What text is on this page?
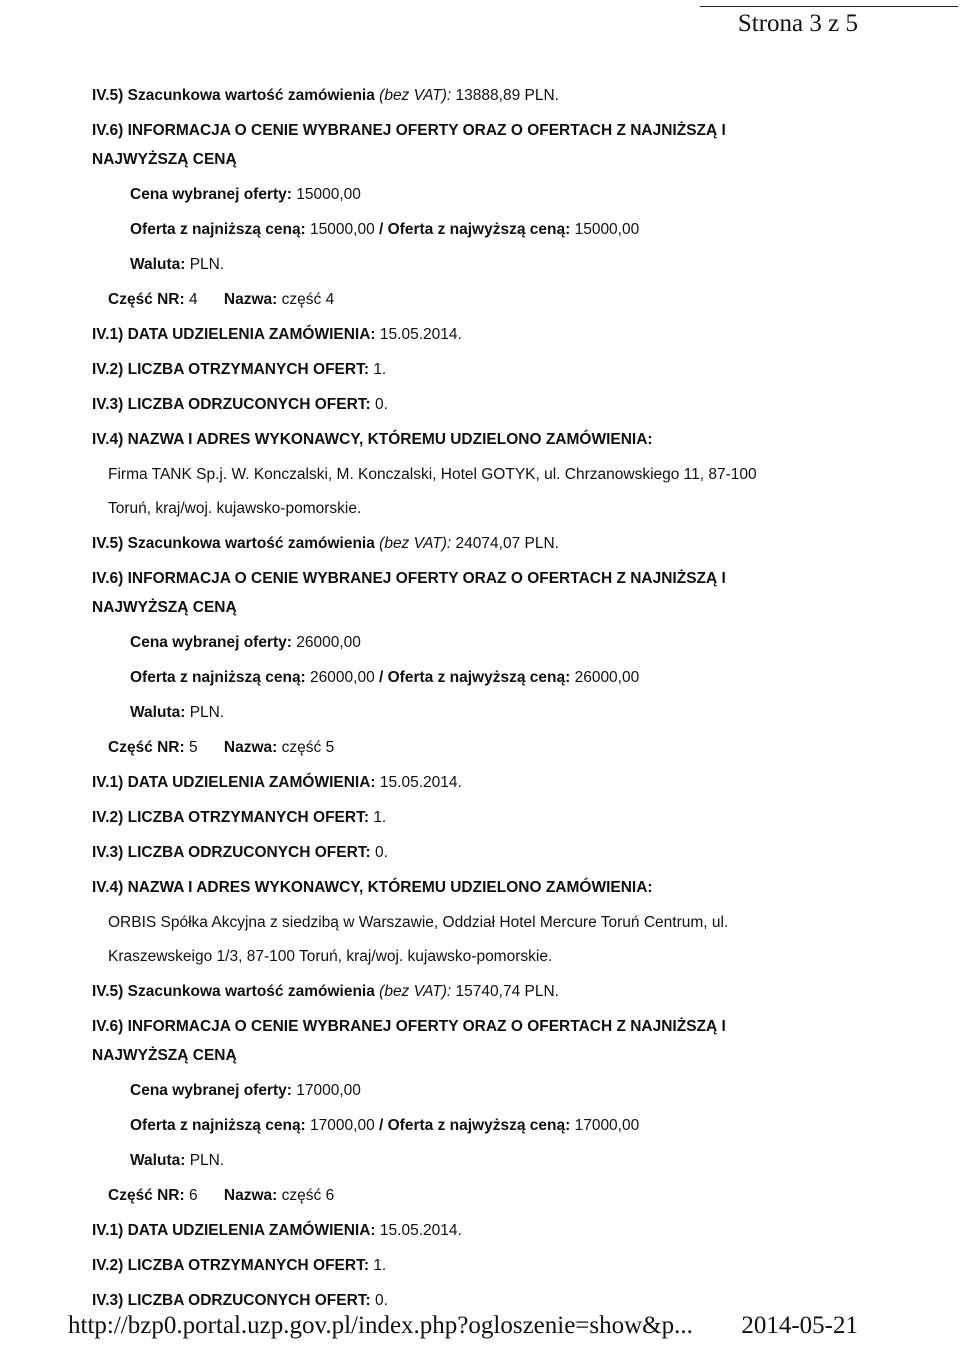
Strona 3 z 5
IV.5) Szacunkowa wartość zamówienia (bez VAT): 13888,89 PLN.
IV.6) INFORMACJA O CENIE WYBRANEJ OFERTY ORAZ O OFERTACH Z NAJNIŻSZĄ I
NAJWYŻSZĄ CENĄ
Cena wybranej oferty: 15000,00
Oferta z najniższą ceną: 15000,00 / Oferta z najwyższą ceną: 15000,00
Waluta: PLN.
Część NR: 4 Nazwa: część 4
IV.1) DATA UDZIELENIA ZAMÓWIENIA: 15.05.2014.
IV.2) LICZBA OTRZYMANYCH OFERT: 1.
IV.3) LICZBA ODRZUCONYCH OFERT: 0.
IV.4) NAZWA I ADRES WYKONAWCY, KTÓREMU UDZIELONO ZAMÓWIENIA:
Firma TANK Sp.j. W. Konczalski, M. Konczalski, Hotel GOTYK, ul. Chrzanowskiego 11, 87-100
Toruń, kraj/woj. kujawsko-pomorskie.
IV.5) Szacunkowa wartość zamówienia (bez VAT): 24074,07 PLN.
IV.6) INFORMACJA O CENIE WYBRANEJ OFERTY ORAZ O OFERTACH Z NAJNIŻSZĄ I
NAJWYŻSZĄ CENĄ
Cena wybranej oferty: 26000,00
Oferta z najniższą ceną: 26000,00 / Oferta z najwyższą ceną: 26000,00
Waluta: PLN.
Część NR: 5 Nazwa: część 5
IV.1) DATA UDZIELENIA ZAMÓWIENIA: 15.05.2014.
IV.2) LICZBA OTRZYMANYCH OFERT: 1.
IV.3) LICZBA ODRZUCONYCH OFERT: 0.
IV.4) NAZWA I ADRES WYKONAWCY, KTÓREMU UDZIELONO ZAMÓWIENIA:
ORBIS Spółka Akcyjna z siedzibą w Warszawie, Oddział Hotel Mercure Toruń Centrum, ul.
Kraszewskeigo 1/3, 87-100 Toruń, kraj/woj. kujawsko-pomorskie.
IV.5) Szacunkowa wartość zamówienia (bez VAT): 15740,74 PLN.
IV.6) INFORMACJA O CENIE WYBRANEJ OFERTY ORAZ O OFERTACH Z NAJNIŻSZĄ I
NAJWYŻSZĄ CENĄ
Cena wybranej oferty: 17000,00
Oferta z najniższą ceną: 17000,00 / Oferta z najwyższą ceną: 17000,00
Waluta: PLN.
Część NR: 6 Nazwa: część 6
IV.1) DATA UDZIELENIA ZAMÓWIENIA: 15.05.2014.
IV.2) LICZBA OTRZYMANYCH OFERT: 1.
IV.3) LICZBA ODRZUCONYCH OFERT: 0.
http://bzp0.portal.uzp.gov.pl/index.php?ogloszenie=show&p... 2014-05-21
